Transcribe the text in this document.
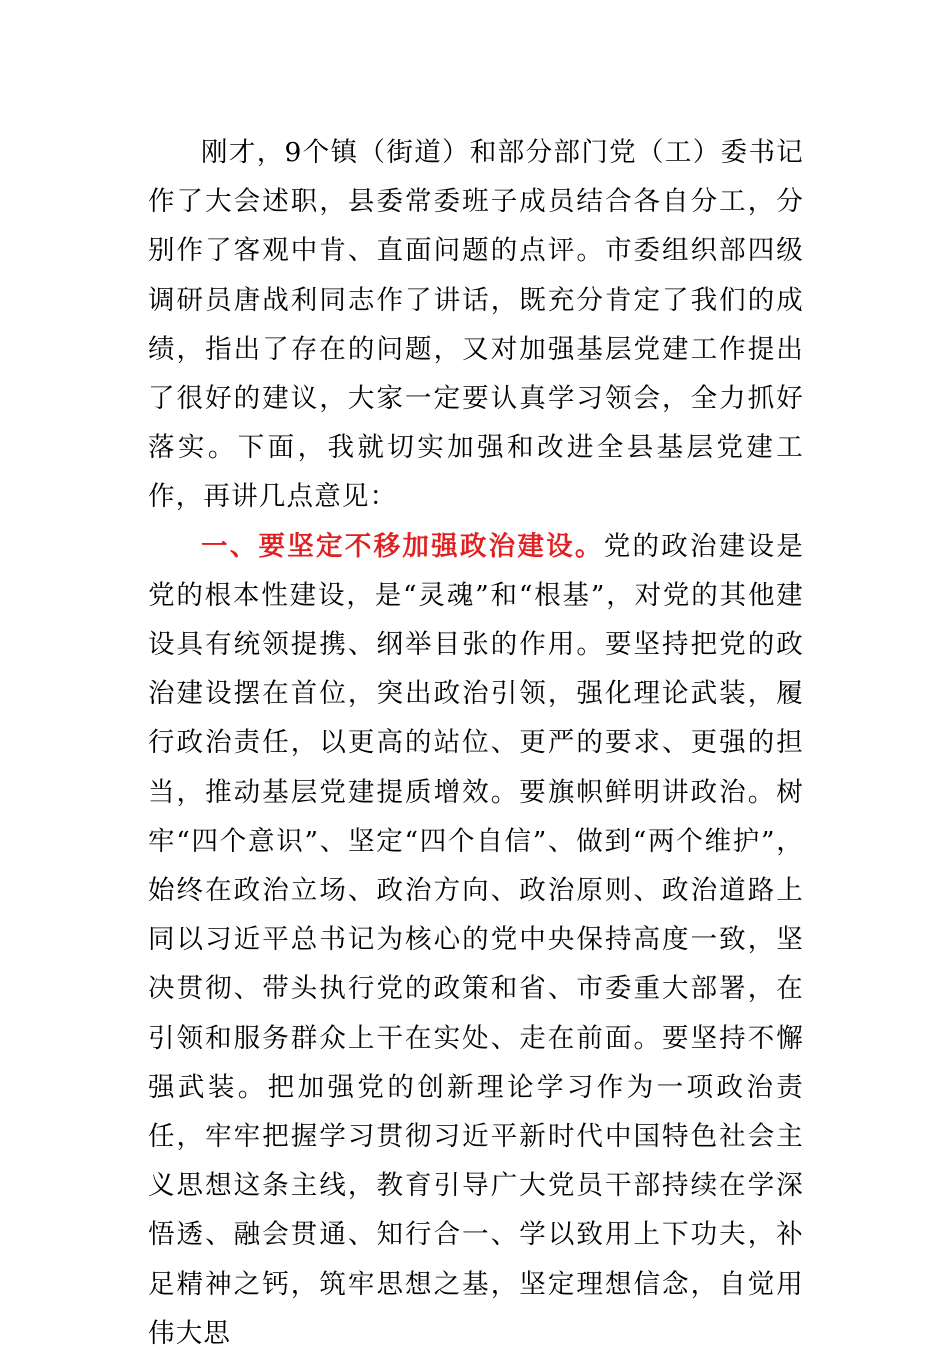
刚才，9个镇（街道）和部分部门党（工）委书记作了大会述职，县委常委班子成员结合各自分工，分别作了客观中肯、直面问题的点评。市委组织部四级调研员唐战利同志作了讲话，既充分肯定了我们的成绩，指出了存在的问题，又对加强基层党建工作提出了很好的建议，大家一定要认真学习领会，全力抓好落实。下面，我就切实加强和改进全县基层党建工作，再讲几点意见：

一、要坚定不移加强政治建设。党的政治建设是党的根本性建设，是“灵魂”和“根基”，对党的其他建设具有统领提携、纲举目张的作用。要坚持把党的政治建设摆在首位，突出政治引领，强化理论武装，履行政治责任，以更高的站位、更严的要求、更强的担当，推动基层党建提质增效。要旗帜鲜明讲政治。树牢“四个意识”、坚定“四个自信”、做到“两个维护”，始终在政治立场、政治方向、政治原则、政治道路上同以习近平总书记为核心的党中央保持高度一致，坚决贯彻、带头执行党的政策和省、市委重大部署，在引领和服务群众上干在实处、走在前面。要坚持不懈强武装。把加强党的创新理论学习作为一项政治责任，牢牢把握学习贯彻习近平新时代中国特色社会主义思想这条主线，教育引导广大党员干部持续在学深悟透、融会贯通、知行合一、学以致用上下功夫，补足精神之钙，筑牢思想之基，坚定理想信念，自觉用伟大思
